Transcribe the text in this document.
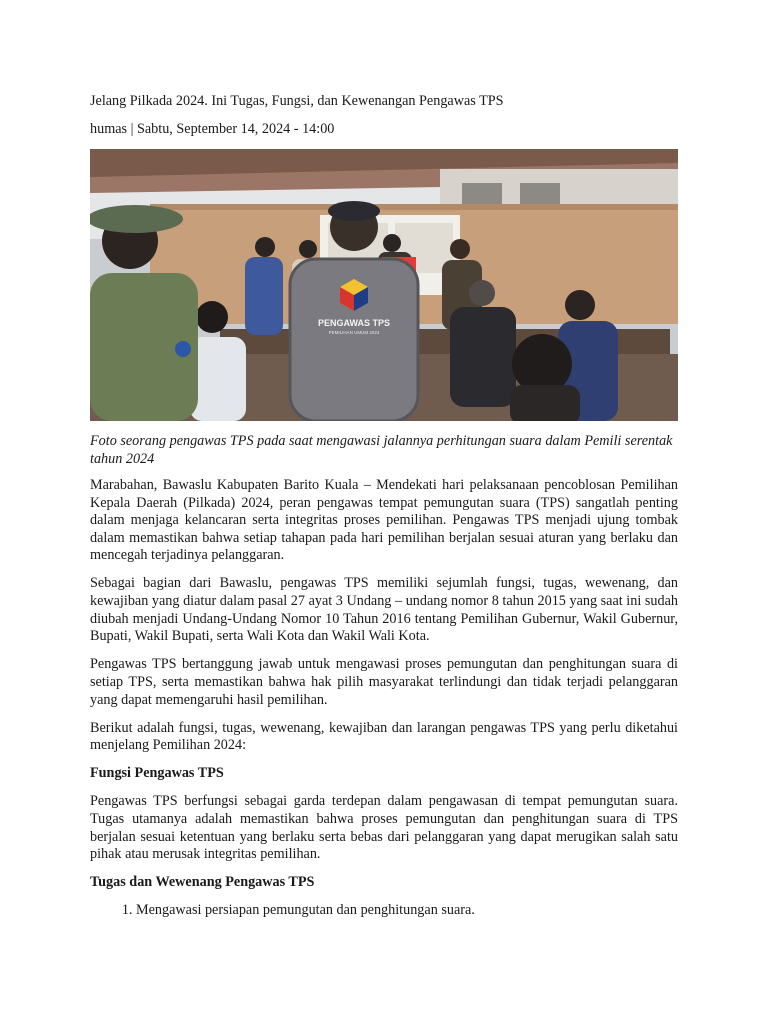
Jelang Pilkada 2024. Ini Tugas, Fungsi, dan Kewenangan Pengawas TPS
humas | Sabtu, September 14, 2024 - 14:00
PENGAWAS TPS
PEMILIHAN UMUM 2024
Foto seorang pengawas TPS pada saat mengawasi jalannya perhitungan suara dalam Pemili serentak tahun 2024

Marabahan, Bawaslu Kabupaten Barito Kuala – Mendekati hari pelaksanaan pencoblosan Pemilihan Kepala Daerah (Pilkada) 2024, peran pengawas tempat pemungutan suara (TPS) sangatlah penting dalam menjaga kelancaran serta integritas proses pemilihan. Pengawas TPS menjadi ujung tombak dalam memastikan bahwa setiap tahapan pada hari pemilihan berjalan sesuai aturan yang berlaku dan mencegah terjadinya pelanggaran.

Sebagai bagian dari Bawaslu, pengawas TPS memiliki sejumlah fungsi, tugas, wewenang, dan kewajiban yang diatur dalam pasal 27 ayat 3 Undang – undang nomor 8 tahun 2015 yang saat ini sudah diubah menjadi Undang-Undang Nomor 10 Tahun 2016 tentang Pemilihan Gubernur, Wakil Gubernur, Bupati, Wakil Bupati, serta Wali Kota dan Wakil Wali Kota.

Pengawas TPS bertanggung jawab untuk mengawasi proses pemungutan dan penghitungan suara di setiap TPS, serta memastikan bahwa hak pilih masyarakat terlindungi dan tidak terjadi pelanggaran yang dapat memengaruhi hasil pemilihan.

Berikut adalah fungsi, tugas, wewenang, kewajiban dan larangan pengawas TPS yang perlu diketahui menjelang Pemilihan 2024:

Fungsi Pengawas TPS

Pengawas TPS berfungsi sebagai garda terdepan dalam pengawasan di tempat pemungutan suara. Tugas utamanya adalah memastikan bahwa proses pemungutan dan penghitungan suara di TPS berjalan sesuai ketentuan yang berlaku serta bebas dari pelanggaran yang dapat merugikan salah satu pihak atau merusak integritas pemilihan.

Tugas dan Wewenang Pengawas TPS
1. Mengawasi persiapan pemungutan dan penghitungan suara.
